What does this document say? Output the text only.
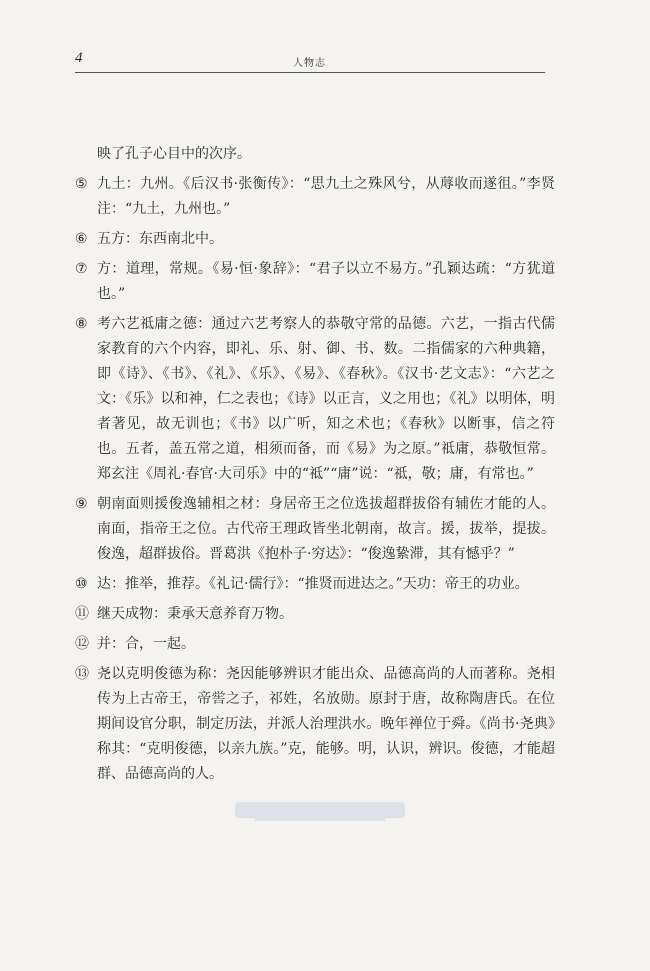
4	人物志
映了孔子心目中的次序。
⑤ 九土：九州。《后汉书·张衡传》：“思九土之殊风兮，从蓐收而遂徂。”李贤注：“九土，九州也。”
⑥ 五方：东西南北中。
⑦ 方：道理，常规。《易·恒·象辞》：“君子以立不易方。”孔颖达疏：“方犹道也。”
⑧ 考六艺祗庸之德：通过六艺考察人的恭敬守常的品德。六艺，一指古代儒家教育的六个内容，即礼、乐、射、御、书、数。二指儒家的六种典籍，即《诗》、《书》、《礼》、《乐》、《易》、《春秋》。《汉书·艺文志》：“六艺之文：《乐》以和神，仁之表也；《诗》以正言，义之用也；《礼》以明体，明者著见，故无训也；《书》以广听，知之术也；《春秋》以断事，信之符也。五者，盖五常之道，相须而备，而《易》为之原。”祗庸，恭敬恒常。郑玄注《周礼·春官·大司乐》中的“祗”“庸”说：“祗，敬；庸，有常也。”
⑨ 朝南面则援俊逸辅相之材：身居帝王之位选拔超群拔俗有辅佐才能的人。南面，指帝王之位。古代帝王理政皆坐北朝南，故言。援，拔举，提拔。俊逸，超群拔俗。晋葛洪《抱朴子·穷达》：“俊逸絷滞，其有憾乎？”
⑩ 达：推举，推荐。《礼记·儒行》：“推贤而进达之。”天功：帝王的功业。
⑪ 继天成物：秉承天意养育万物。
⑫ 并：合，一起。
⑬ 尧以克明俊德为称：尧因能够辨识才能出众、品德高尚的人而著称。尧相传为上古帝王，帝喾之子，祁姓，名放勋。原封于唐，故称陶唐氏。在位期间设官分职，制定历法，并派人治理洪水。晚年禅位于舜。《尚书·尧典》称其：“克明俊德，以亲九族。”克，能够。明，认识，辨识。俊德，才能超群、品德高尚的人。
